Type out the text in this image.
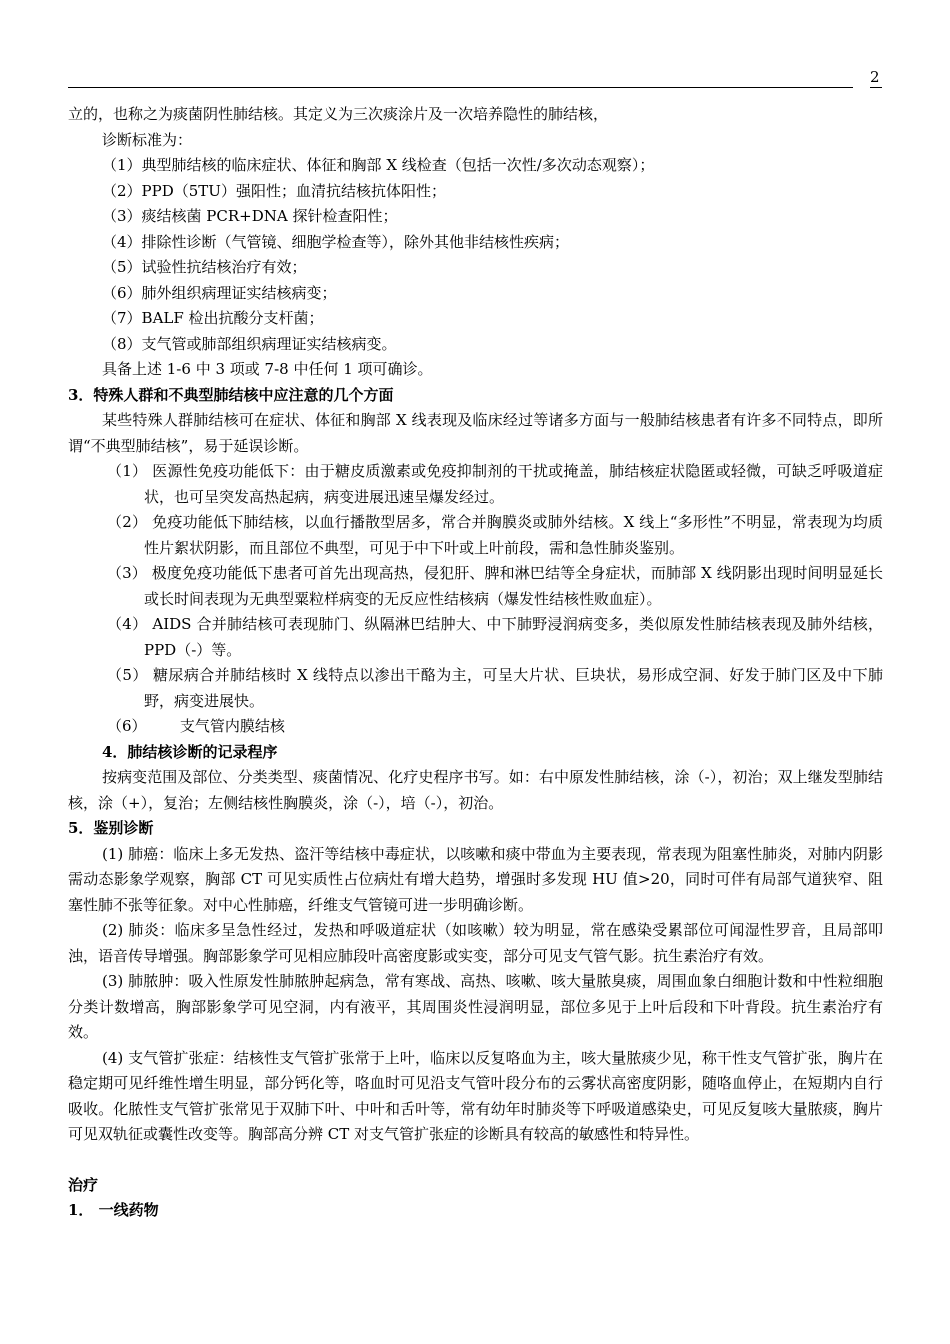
2

立的，也称之为痰菌阴性肺结核。其定义为三次痰涂片及一次培养隐性的肺结核，

诊断标准为：

（1）典型肺结核的临床症状、体征和胸部 X 线检查（包括一次性/多次动态观察）；

（2）PPD（5TU）强阳性；血清抗结核抗体阳性；

（3）痰结核菌 PCR+DNA 探针检查阳性；

（4）排除性诊断（气管镜、细胞学检查等），除外其他非结核性疾病；

（5）试验性抗结核治疗有效；

（6）肺外组织病理证实结核病变；

（7）BALF 检出抗酸分支杆菌；

（8）支气管或肺部组织病理证实结核病变。

具备上述 1-6 中 3 项或 7-8 中任何 1 项可确诊。

3．特殊人群和不典型肺结核中应注意的几个方面

某些特殊人群肺结核可在症状、体征和胸部 X 线表现及临床经过等诸多方面与一般肺结核患者有许多不同特点，即所谓“不典型肺结核”，易于延误诊断。

（1） 医源性免疫功能低下：由于糖皮质激素或免疫抑制剂的干扰或掩盖，肺结核症状隐匿或轻微，可缺乏呼吸道症状，也可呈突发高热起病，病变进展迅速呈爆发经过。

（2） 免疫功能低下肺结核，以血行播散型居多，常合并胸膜炎或肺外结核。X 线上“多形性”不明显，常表现为均质性片絮状阴影，而且部位不典型，可见于中下叶或上叶前段，需和急性肺炎鉴别。

（3） 极度免疫功能低下患者可首先出现高热，侵犯肝、脾和淋巴结等全身症状，而肺部 X 线阴影出现时间明显延长或长时间表现为无典型粟粒样病变的无反应性结核病（爆发性结核性败血症）。

（4） AIDS 合并肺结核可表现肺门、纵隔淋巴结肿大、中下肺野浸润病变多，类似原发性肺结核表现及肺外结核，PPD（-）等。

（5） 糖尿病合并肺结核时 X 线特点以渗出干酪为主，可呈大片状、巨块状，易形成空洞、好发于肺门区及中下肺野，病变进展快。

（6）       支气管内膜结核

4．肺结核诊断的记录程序

按病变范围及部位、分类类型、痰菌情况、化疗史程序书写。如：右中原发性肺结核，涂（-），初治；双上继发型肺结核，涂（+），复治；左侧结核性胸膜炎，涂（-），培（-），初治。

5．鉴别诊断

(1) 肺癌：临床上多无发热、盗汗等结核中毒症状，以咳嗽和痰中带血为主要表现，常表现为阻塞性肺炎，对肺内阴影需动态影象学观察，胸部 CT 可见实质性占位病灶有增大趋势，增强时多发现 HU 值>20，同时可伴有局部气道狭窄、阻塞性肺不张等征象。对中心性肺癌，纤维支气管镜可进一步明确诊断。

(2) 肺炎：临床多呈急性经过，发热和呼吸道症状（如咳嗽）较为明显，常在感染受累部位可闻湿性罗音，且局部叩浊，语音传导增强。胸部影象学可见相应肺段叶高密度影或实变，部分可见支气管气影。抗生素治疗有效。

(3) 肺脓肿：吸入性原发性肺脓肿起病急，常有寒战、高热、咳嗽、咳大量脓臭痰，周围血象白细胞计数和中性粒细胞分类计数增高，胸部影象学可见空洞，内有液平，其周围炎性浸润明显，部位多见于上叶后段和下叶背段。抗生素治疗有效。

(4) 支气管扩张症：结核性支气管扩张常于上叶，临床以反复咯血为主，咳大量脓痰少见，称干性支气管扩张，胸片在稳定期可见纤维性增生明显，部分钙化等，咯血时可见沿支气管叶段分布的云雾状高密度阴影，随咯血停止，在短期内自行吸收。化脓性支气管扩张常见于双肺下叶、中叶和舌叶等，常有幼年时肺炎等下呼吸道感染史，可见反复咳大量脓痰，胸片可见双轨征或囊性改变等。胸部高分辨 CT 对支气管扩张症的诊断具有较高的敏感性和特异性。

治疗

1． 一线药物
